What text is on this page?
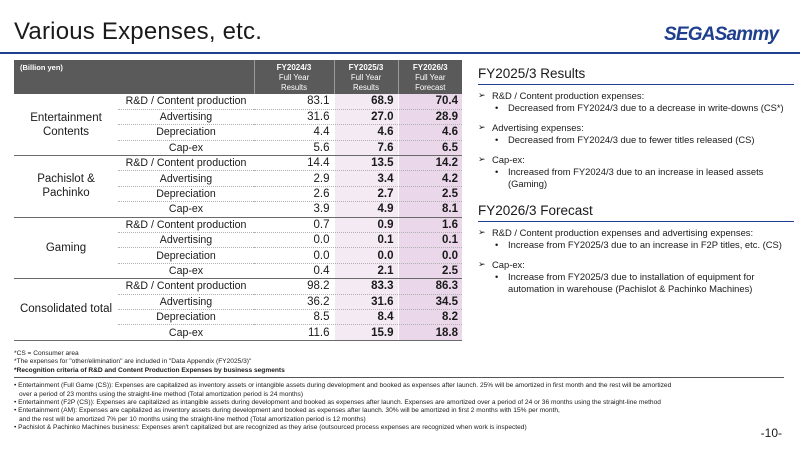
Various Expenses, etc.	SEGASammy
(Billion yen)		FY2024/3
Full Year
Results	FY2025/3
Full Year
Results	FY2026/3
Full Year
Forecast

Entertainment Contents	R&D / Content production	83.1	68.9	70.4
	Advertising	31.6	27.0	28.9
	Depreciation	4.4	4.6	4.6
	Cap-ex	5.6	7.6	6.5
Pachislot & Pachinko	R&D / Content production	14.4	13.5	14.2
	Advertising	2.9	3.4	4.2
	Depreciation	2.6	2.7	2.5
	Cap-ex	3.9	4.9	8.1
Gaming	R&D / Content production	0.7	0.9	1.6
	Advertising	0.0	0.1	0.1
	Depreciation	0.0	0.0	0.0
	Cap-ex	0.4	2.1	2.5
Consolidated total	R&D / Content production	98.2	83.3	86.3
	Advertising	36.2	31.6	34.5
	Depreciation	8.5	8.4	8.2
	Cap-ex	11.6	15.9	18.8
FY2025/3 Results
➢ R&D / Content production expenses:
• Decreased from FY2024/3 due to a decrease in write-downs (CS*)
➢ Advertising expenses:
• Decreased from FY2024/3 due to fewer titles released (CS)
➢ Cap-ex:
• Increased from FY2024/3 due to an increase in leased assets (Gaming)
FY2026/3 Forecast
➢ R&D / Content production expenses and advertising expenses:
• Increase from FY2025/3 due to an increase in F2P titles, etc. (CS)
➢ Cap-ex:
• Increase from FY2025/3 due to installation of equipment for automation in warehouse (Pachislot & Pachinko Machines)
*CS = Consumer area
*The expenses for "other/elimination" are included in "Data Appendix (FY2025/3)"
*Recognition criteria of R&D and Content Production Expenses by business segments
• Entertainment (Full Game (CS)): Expenses are capitalized as inventory assets or intangible assets during development and booked as expenses after launch. 25% will be amortized in first month and the rest will be amortized
over a period of 23 months using the straight-line method (Total amortization period is 24 months)
• Entertainment (F2P (CS)): Expenses are capitalized as intangible assets during development and booked as expenses after launch. Expenses are amortized over a period of 24 or 36 months using the straight-line method
• Entertainment (AM): Expenses are capitalized as inventory assets during development and booked as expenses after launch. 30% will be amortized in first 2 months with 15% per month,
and the rest will be amortized 7% per 10 months using the straight-line method (Total amortization period is 12 months)
• Pachislot & Pachinko Machines business: Expenses aren't capitalized but are recognized as they arise (outsourced process expenses are recognized when work is inspected)	-10-
